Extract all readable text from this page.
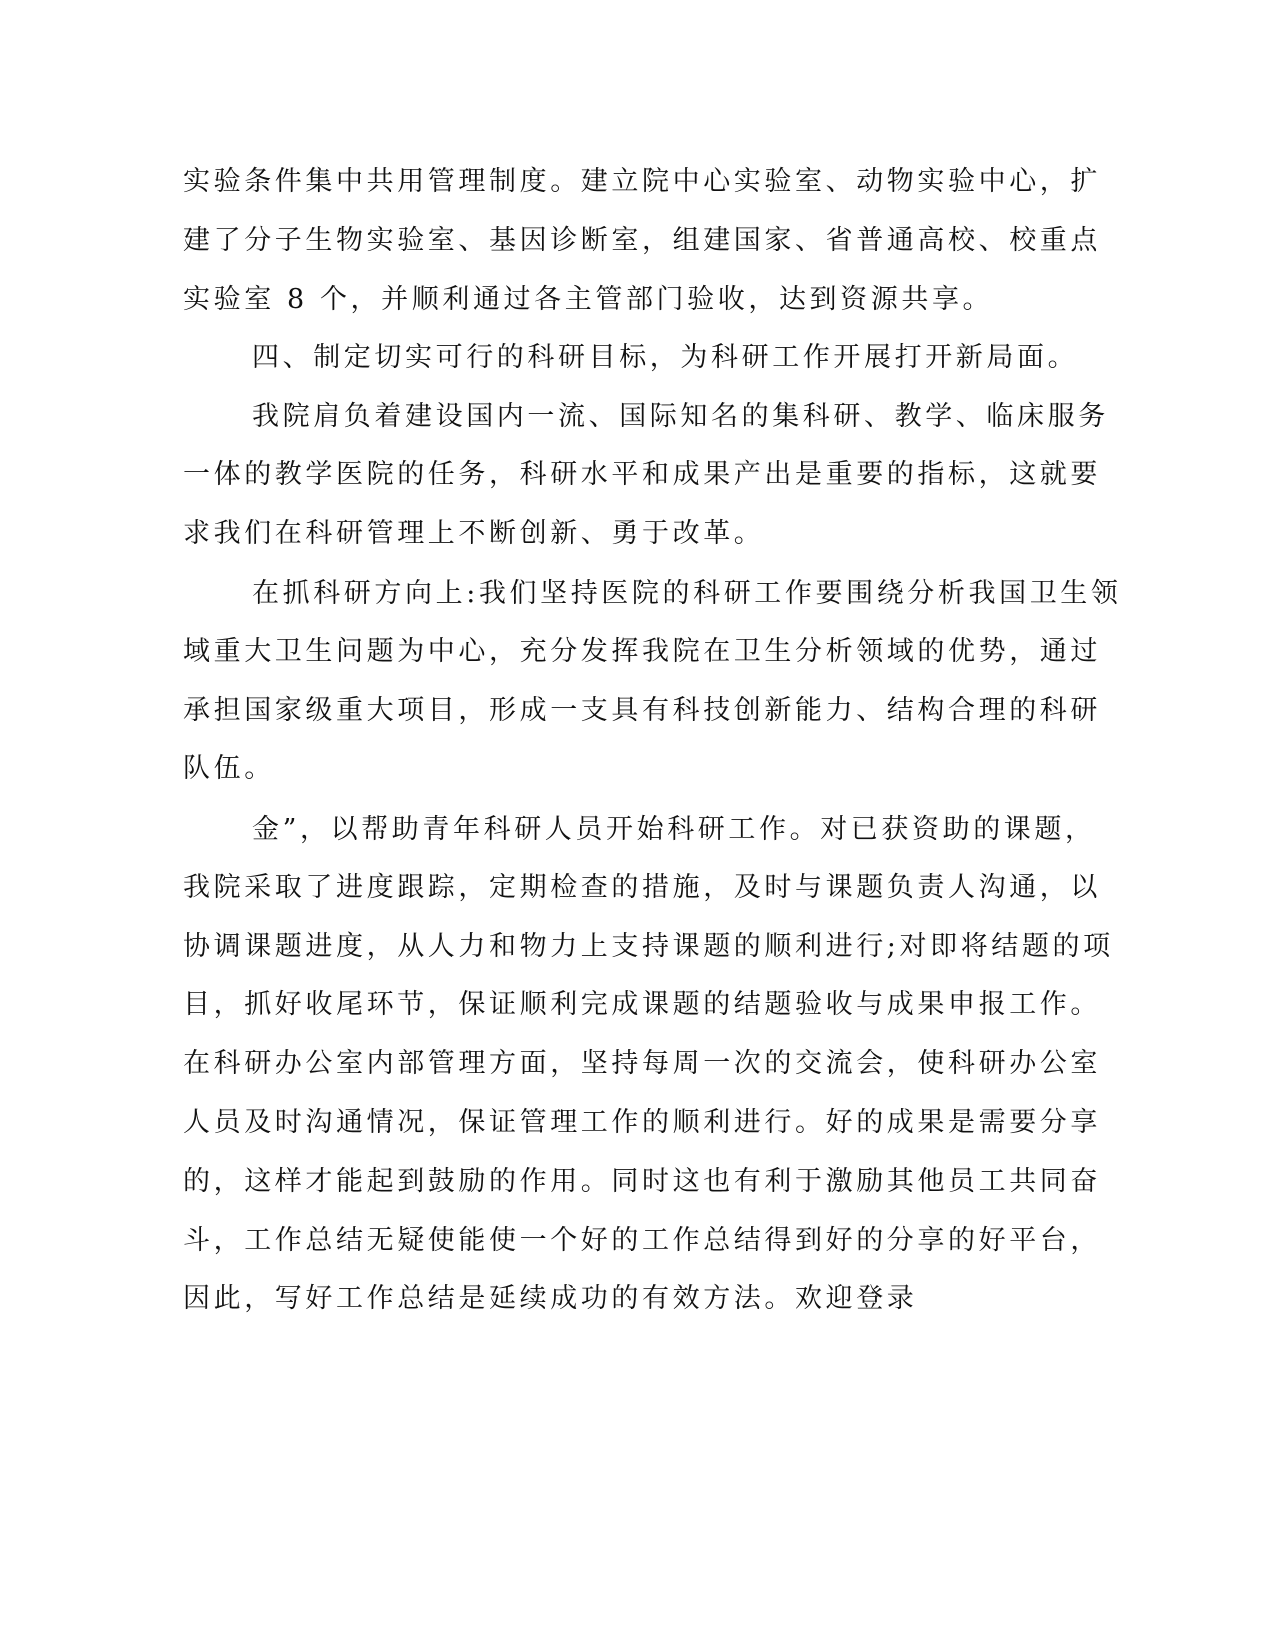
实验条件集中共用管理制度。建立院中心实验室、动物实验中心，扩

建了分子生物实验室、基因诊断室，组建国家、省普通高校、校重点

实验室 8 个，并顺利通过各主管部门验收，达到资源共享。

四、制定切实可行的科研目标，为科研工作开展打开新局面。

我院肩负着建设国内一流、国际知名的集科研、教学、临床服务

一体的教学医院的任务，科研水平和成果产出是重要的指标，这就要

求我们在科研管理上不断创新、勇于改革。

在抓科研方向上:我们坚持医院的科研工作要围绕分析我国卫生领

域重大卫生问题为中心，充分发挥我院在卫生分析领域的优势，通过

承担国家级重大项目，形成一支具有科技创新能力、结构合理的科研

队伍。

金”，以帮助青年科研人员开始科研工作。对已获资助的课题，

我院采取了进度跟踪，定期检查的措施，及时与课题负责人沟通，以

协调课题进度，从人力和物力上支持课题的顺利进行;对即将结题的项

目，抓好收尾环节，保证顺利完成课题的结题验收与成果申报工作。

在科研办公室内部管理方面，坚持每周一次的交流会，使科研办公室

人员及时沟通情况，保证管理工作的顺利进行。好的成果是需要分享

的，这样才能起到鼓励的作用。同时这也有利于激励其他员工共同奋

斗，工作总结无疑使能使一个好的工作总结得到好的分享的好平台，

因此，写好工作总结是延续成功的有效方法。欢迎登录
